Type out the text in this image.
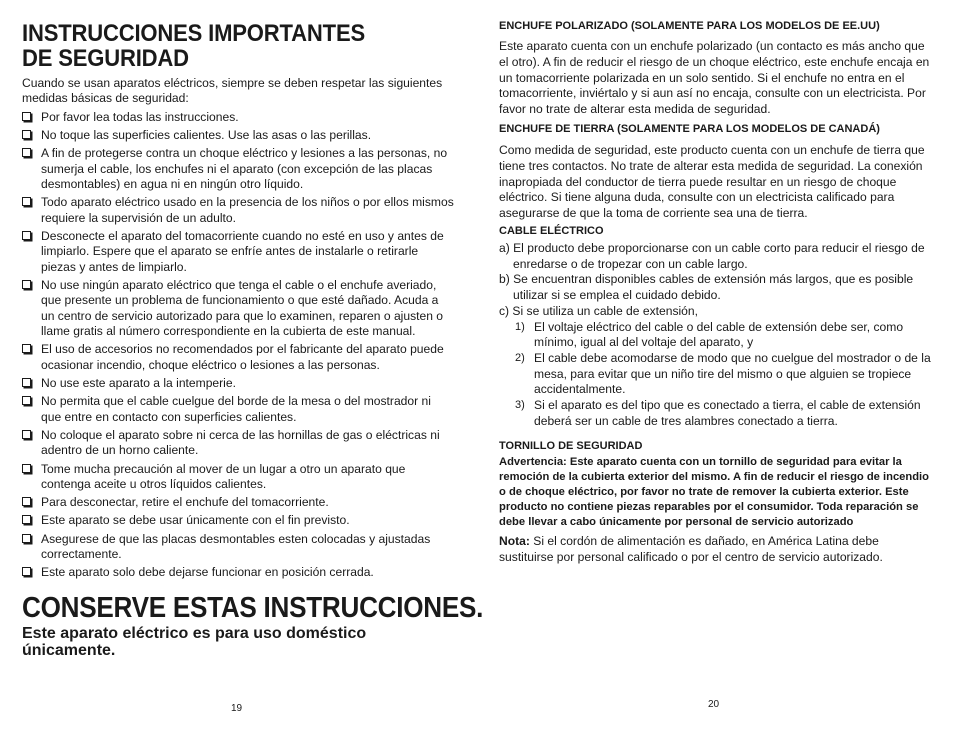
INSTRUCCIONES IMPORTANTES
DE SEGURIDAD

Cuando se usan aparatos eléctricos, siempre se deben respetar las siguientes medidas básicas de seguridad:

Por favor lea todas las instrucciones.
No toque las superficies calientes. Use las asas o las perillas.
A fin de protegerse contra un choque eléctrico y lesiones a las personas, no sumerja el cable, los enchufes ni el aparato (con excepción de las placas desmontables) en agua ni en ningún otro líquido.
Todo aparato eléctrico usado en la presencia de los niños o por ellos mismos requiere la supervisión de un adulto.
Desconecte el aparato del tomacorriente cuando no esté en uso y antes de limpiarlo. Espere que el aparato se enfríe antes de instalarle o retirarle piezas y antes de limpiarlo.
No use ningún aparato eléctrico que tenga el cable o el enchufe averiado, que presente un problema de funcionamiento o que esté dañado. Acuda a un centro de servicio autorizado para que lo examinen, reparen o ajusten o llame gratis al número correspondiente en la cubierta de este manual.
El uso de accesorios no recomendados por el fabricante del aparato puede ocasionar incendio, choque eléctrico o lesiones a las personas.
No use este aparato a la intemperie.
No permita que el cable cuelgue del borde de la mesa o del mostrador ni que entre en contacto con superficies calientes.
No coloque el aparato sobre ni cerca de las hornillas de gas o eléctricas ni adentro de un horno caliente.
Tome mucha precaución al mover de un lugar a otro un aparato que contenga aceite u otros líquidos calientes.
Para desconectar, retire el enchufe del tomacorriente.
Este aparato se debe usar únicamente con el fin previsto.
Asegurese de que las placas desmontables esten colocadas y ajustadas correctamente.
Este aparato solo debe dejarse funcionar en posición cerrada.
CONSERVE ESTAS INSTRUCCIONES.

Este aparato eléctrico es para uso doméstico únicamente.

19
ENCHUFE POLARIZADO (SOLAMENTE PARA LOS MODELOS DE EE.UU)

Este aparato cuenta con un enchufe polarizado (un contacto es más ancho que el otro). A fin de reducir el riesgo de un choque eléctrico, este enchufe encaja en un tomacorriente polarizada en un solo sentido. Si el enchufe no entra en el tomacorriente, inviértalo y si aun así no encaja, consulte con un electricista. Por favor no trate de alterar esta medida de seguridad.

ENCHUFE DE TIERRA (SOLAMENTE PARA LOS MODELOS DE CANADÁ)

Como medida de seguridad, este producto cuenta con un enchufe de tierra que tiene tres contactos. No trate de alterar esta medida de seguridad. La conexión inapropiada del conductor de tierra puede resultar en un riesgo de choque eléctrico. Si tiene alguna duda, consulte con un electricista calificado para asegurarse de que la toma de corriente sea una de tierra.

CABLE ELÉCTRICO
a) El producto debe proporcionarse con un cable corto para reducir el riesgo de enredarse o de tropezar con un cable largo.
b) Se encuentran disponibles cables de extensión más largos, que es posible utilizar si se emplea el cuidado debido.
c) Si se utiliza un cable de extensión,
1) El voltaje eléctrico del cable o del cable de extensión debe ser, como mínimo, igual al del voltaje del aparato, y
2) El cable debe acomodarse de modo que no cuelgue del mostrador o de la mesa, para evitar que un niño tire del mismo o que alguien se tropiece accidentalmente.
3) Si el aparato es del tipo que es conectado a tierra, el cable de extensión deberá ser un cable de tres alambres conectado a tierra.
TORNILLO DE SEGURIDAD

Advertencia: Este aparato cuenta con un tornillo de seguridad para evitar la remoción de la cubierta exterior del mismo. A fin de reducir el riesgo de incendio o de choque eléctrico, por favor no trate de remover la cubierta exterior. Este producto no contiene piezas reparables por el consumidor. Toda reparación se debe llevar a cabo únicamente por personal de servicio autorizado

Nota: Si el cordón de alimentación es dañado, en América Latina debe sustituirse por personal calificado o por el centro de servicio autorizado.

20
